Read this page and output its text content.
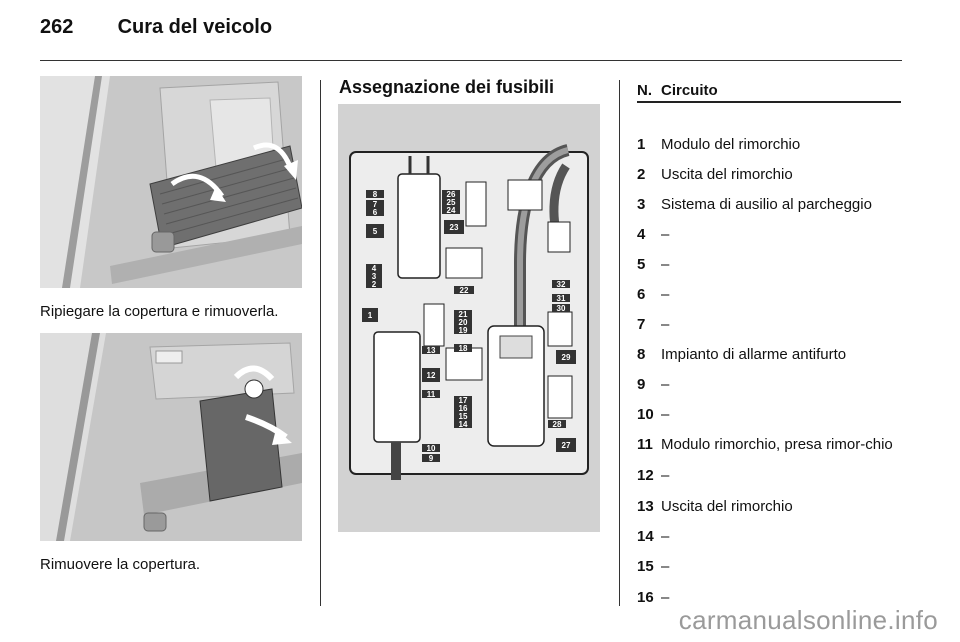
262 Cura del veicolo
Ripiegare la copertura e rimuoverla.
Rimuovere la copertura.
Assegnazione dei fusibili
1
2
3
4
5
6
7
8
9
10
11
12
13
14
15
16
17
18
19
20
21
22
23
24
25
26
27
28
29
30
31
32
N. Circuito
1 Modulo del rimorchio
2 Uscita del rimorchio
3 Sistema di ausilio al parcheggio
4 –
5 –
6 –
7 –
8 Impianto di allarme antifurto
9 –
10 –
11 Modulo rimorchio, presa rimor-chio
12 –
13 Uscita del rimorchio
14 –
15 –
16 –
carmanualsonline.info
